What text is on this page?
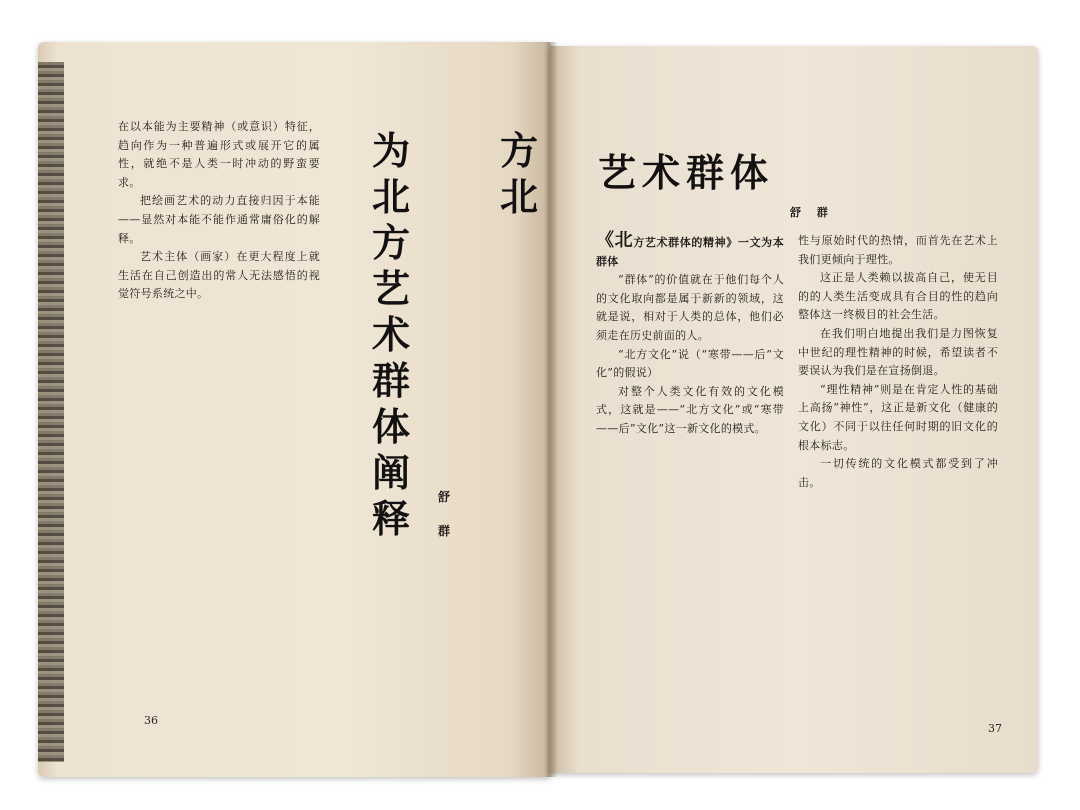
在以本能为主要精神（或意识）特征，趋向作为一种普遍形式或展开它的属性，就绝不是人类一时冲动的野蛮要求。

把绘画艺术的动力直接归因于本能——显然对本能不能作通常庸俗化的解释。

艺术主体（画家）在更大程度上就生活在自己创造出的常人无法感悟的视觉符号系统之中。

方
北
为
北
方
艺
术
群
体
阐
释	舒
群
36
艺术群体
舒 群

《北方艺术群体的精神》一文为本群体

“群体”的价值就在于他们每个人的文化取向都是属于新新的领域，这就是说，相对于人类的总体，他们必须走在历史前面的人。

“北方文化”说（“寒带——后”文化”的假说）

对整个人类文化有效的文化模式，这就是——“北方文化”或“寒带——后”文化”这一新文化的模式。

性与原始时代的热情，而首先在艺术上我们更倾向于理性。

这正是人类赖以拔高自己，使无目的的人类生活变成具有合目的性的趋向整体这一终极目的社会生活。

在我们明白地提出我们是力图恢复中世纪的理性精神的时候，希望读者不要误认为我们是在宣扬倒退。

“理性精神”则是在肯定人性的基础上高扬“神性”，这正是新文化（健康的文化）不同于以往任何时期的旧文化的根本标志。

一切传统的文化模式都受到了冲击。

37
